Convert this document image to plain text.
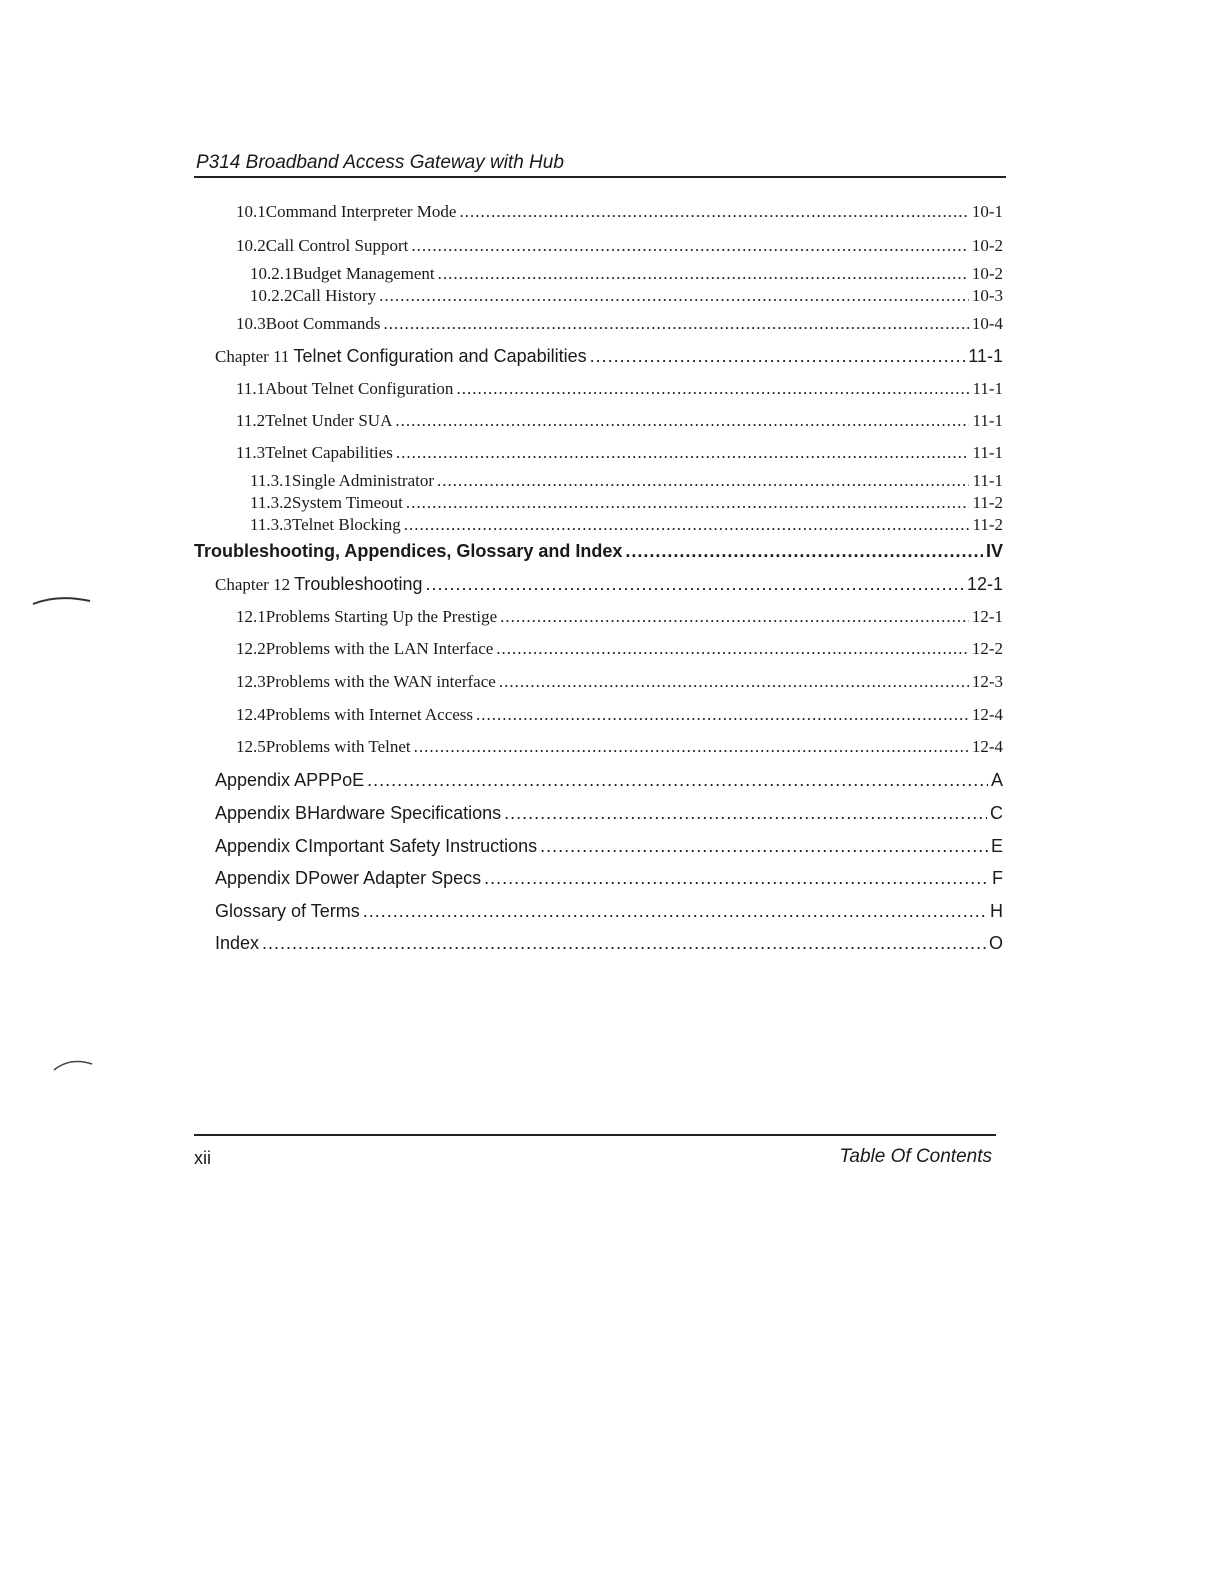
P314 Broadband Access Gateway with Hub
10.1 Command Interpreter Mode .....	10-1
10.2 Call Control Support .....	10-2
10.2.1 Budget Management .....	10-2
10.2.2 Call History .....	10-3
10.3 Boot Commands .....	10-4
Chapter 11 Telnet Configuration and Capabilities .....	11-1
11.1 About Telnet Configuration .....	11-1
11.2 Telnet Under SUA .....	11-1
11.3 Telnet Capabilities .....	11-1
11.3.1 Single Administrator .....	11-1
11.3.2 System Timeout .....	11-2
11.3.3 Telnet Blocking .....	11-2
Troubleshooting, Appendices, Glossary and Index .....	IV
Chapter 12 Troubleshooting .....	12-1
12.1 Problems Starting Up the Prestige .....	12-1
12.2 Problems with the LAN Interface .....	12-2
12.3 Problems with the WAN interface .....	12-3
12.4 Problems with Internet Access .....	12-4
12.5 Problems with Telnet .....	12-4
Appendix A PPPoE .....	A
Appendix B Hardware Specifications .....	C
Appendix C Important Safety Instructions .....	E
Appendix D Power Adapter Specs .....	F
Glossary of Terms .....	H
Index .....	O
xii	Table Of Contents
